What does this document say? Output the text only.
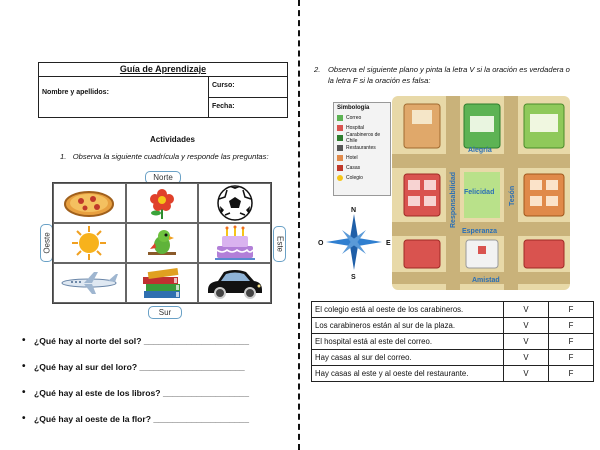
Guía de Aprendizaje
Nombre y apellidos:
Curso:
Fecha:
Actividades
1. Observa la siguiente cuadrícula y responde las preguntas:
Norte
Sur
Oeste	Este
• ¿Qué hay al norte del sol? ______________________
• ¿Qué hay al sur del loro? ______________________
• ¿Qué hay al este de los libros? __________________
• ¿Qué hay al oeste de la flor? ____________________
2.	Observa el siguiente plano y pinta la letra V si la oración es verdadera o la letra F si la oración es falsa:
Alegría
Felicidad
Esperanza
Amistad
Responsabilidad	Tesón
N
S
E
O
Simbología
Correo
Hospital
Carabineros de Chile
Restaurantes
Hotel
Casas
Colegio
El colegio está al oeste de los carabineros.	V	F
Los carabineros están al sur de la plaza.	V	F
El hospital está al este del correo.	V	F
Hay casas al sur del correo.	V	F
Hay casas al este y al oeste del restaurante.	V	F
